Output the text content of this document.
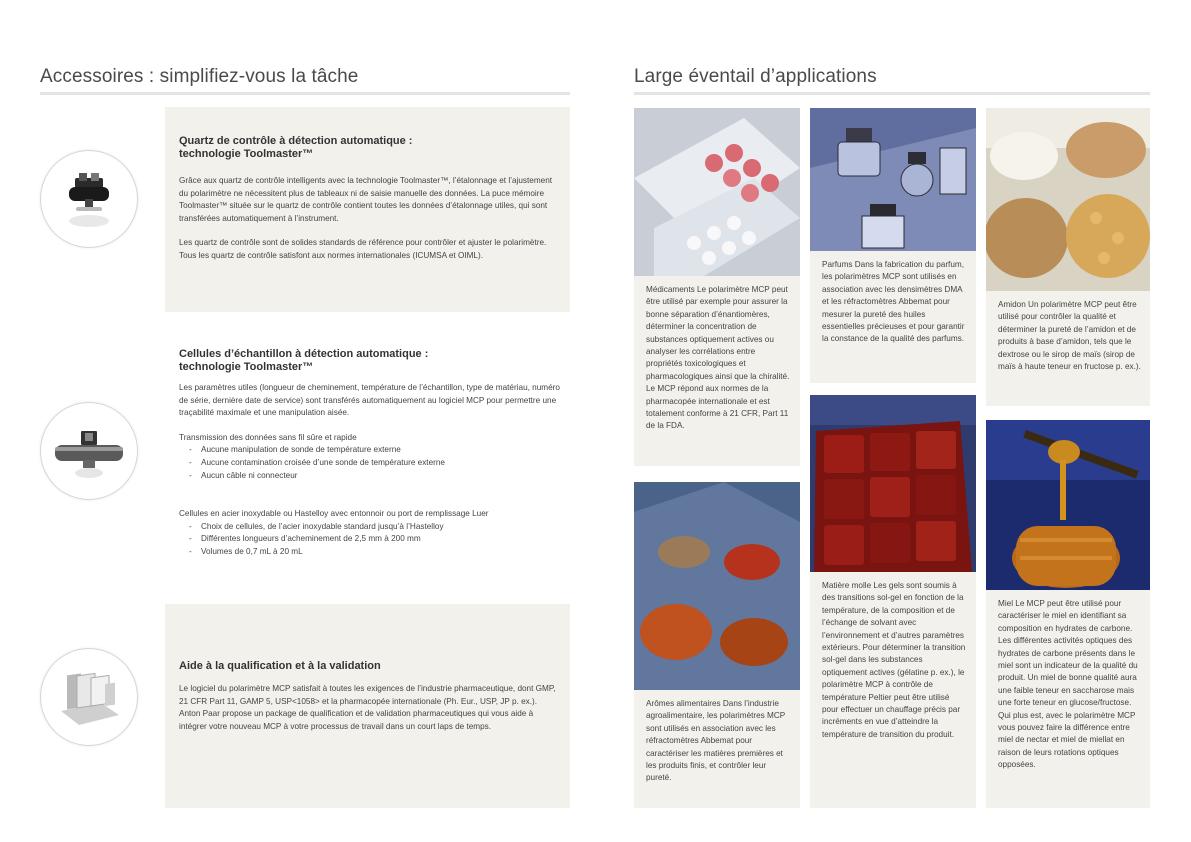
Accessoires : simplifiez-vous la tâche
Quartz de contrôle à détection automatique :
technologie Toolmaster™

Grâce aux quartz de contrôle intelligents avec la technologie Toolmaster™, l’étalonnage et l’ajustement du polarimètre ne nécessitent plus de tableaux ni de saisie manuelle des données. La puce mémoire Toolmaster™ située sur le quartz de contrôle contient toutes les données d’étalonnage utiles, qui sont transférées automatiquement à l’instrument.

Les quartz de contrôle sont de solides standards de référence pour contrôler et ajuster le polarimètre. Tous les quartz de contrôle satisfont aux normes internationales (ICUMSA et OIML).

Cellules d’échantillon à détection automatique :
technologie Toolmaster™

Les paramètres utiles (longueur de cheminement, température de l’échantillon, type de matériau, numéro de série, dernière date de service) sont transférés automatiquement au logiciel MCP pour permettre une traçabilité maximale et une manipulation aisée.

Transmission des données sans fil sûre et rapide
- Aucune manipulation de sonde de température externe
- Aucune contamination croisée d’une sonde de température externe
- Aucun câble ni connecteur
Cellules en acier inoxydable ou Hastelloy avec entonnoir ou port de remplissage Luer
- Choix de cellules, de l’acier inoxydable standard jusqu’à l’Hastelloy
- Différentes longueurs d’acheminement de 2,5 mm à 200 mm
- Volumes de 0,7 mL à 20 mL
Aide à la qualification et à la validation

Le logiciel du polarimètre MCP satisfait à toutes les exigences de l’industrie pharmaceutique, dont GMP, 21 CFR Part 11, GAMP 5, USP<1058> et la pharmacopée internationale (Ph. Eur., USP, JP p. ex.). Anton Paar propose un package de qualification et de validation pharmaceutiques qui vous aide à intégrer votre nouveau MCP à votre processus de travail dans un court laps de temps.

Large éventail d’applications
Médicaments Le polarimètre MCP peut être utilisé par exemple pour assurer la bonne séparation d’énantiomères, déterminer la concentration de substances optiquement actives ou analyser les corrélations entre propriétés toxicologiques et pharmacologiques ainsi que la chiralité. Le MCP répond aux normes de la pharmacopée internationale et est totalement conforme à 21 CFR, Part 11 de la FDA.
Arômes alimentaires Dans l’industrie agroalimentaire, les polarimètres MCP sont utilisés en association avec les réfractomètres Abbemat pour caractériser les matières premières et les produits finis, et contrôler leur pureté.
Parfums Dans la fabrication du parfum, les polarimètres MCP sont utilisés en association avec les densimètres DMA et les réfractomètres Abbemat pour mesurer la pureté des huiles essentielles précieuses et pour garantir la constance de la qualité des parfums.
Matière molle Les gels sont soumis à des transitions sol-gel en fonction de la température, de la composition et de l’échange de solvant avec l’environnement et d’autres paramètres extérieurs. Pour déterminer la transition sol-gel dans les substances optiquement actives (gélatine p. ex.), le polarimètre MCP à contrôle de température Peltier peut être utilisé pour effectuer un chauffage précis par incréments en vue d’atteindre la température de transition du produit.
Amidon Un polarimètre MCP peut être utilisé pour contrôler la qualité et déterminer la pureté de l’amidon et de produits à base d’amidon, tels que le dextrose ou le sirop de maïs (sirop de maïs à haute teneur en fructose p. ex.).
Miel Le MCP peut être utilisé pour caractériser le miel en identifiant sa composition en hydrates de carbone. Les différentes activités optiques des hydrates de carbone présents dans le miel sont un indicateur de la qualité du produit. Un miel de bonne qualité aura une faible teneur en saccharose mais une forte teneur en glucose/fructose. Qui plus est, avec le polarimètre MCP vous pouvez faire la différence entre miel de nectar et miel de miellat en raison de leurs rotations optiques opposées.
